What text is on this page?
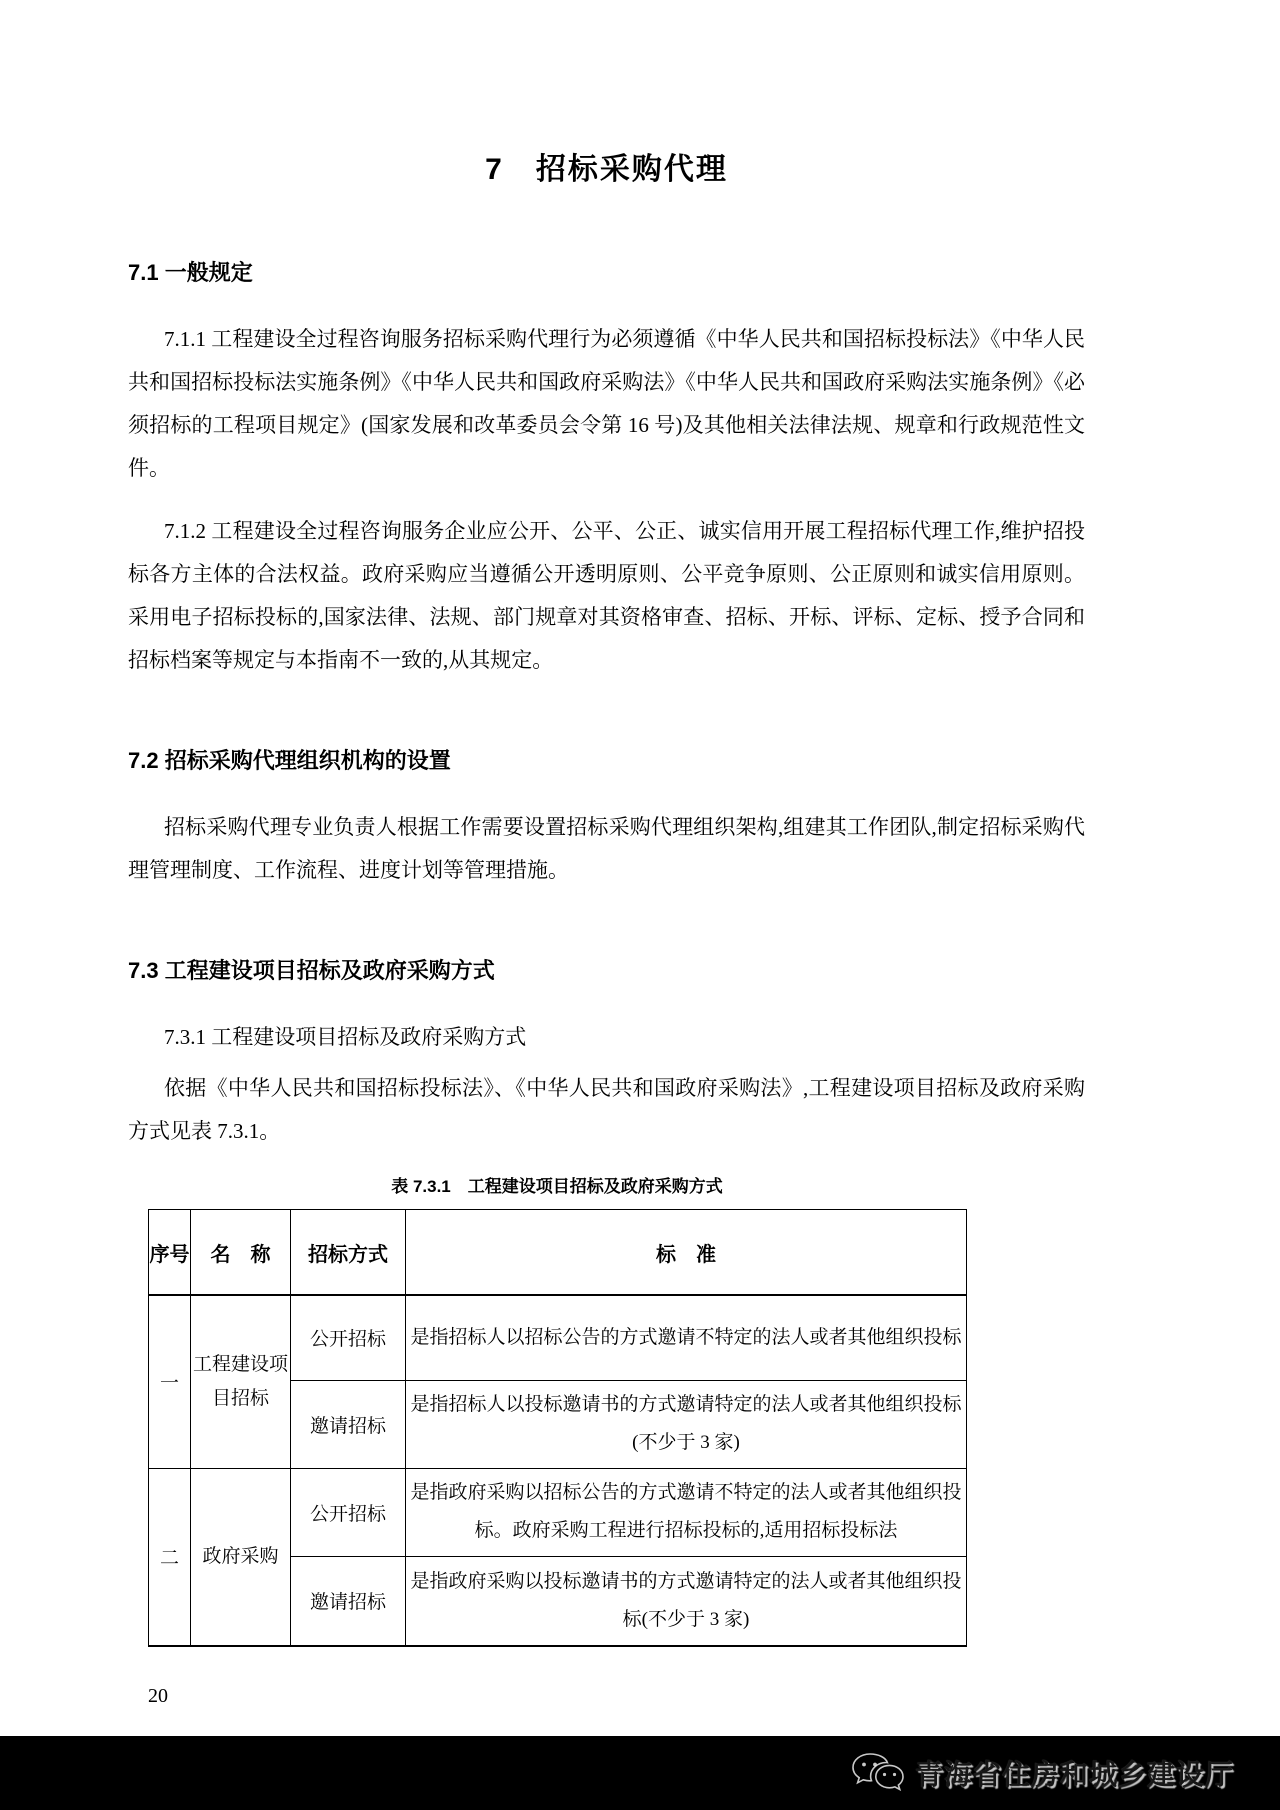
7　招标采购代理
7.1 一般规定

7.1.1 工程建设全过程咨询服务招标采购代理行为必须遵循《中华人民共和国招标投标法》《中华人民共和国招标投标法实施条例》《中华人民共和国政府采购法》《中华人民共和国政府采购法实施条例》《必须招标的工程项目规定》(国家发展和改革委员会令第 16 号)及其他相关法律法规、规章和行政规范性文件。

7.1.2 工程建设全过程咨询服务企业应公开、公平、公正、诚实信用开展工程招标代理工作,维护招投标各方主体的合法权益。政府采购应当遵循公开透明原则、公平竞争原则、公正原则和诚实信用原则。采用电子招标投标的,国家法律、法规、部门规章对其资格审查、招标、开标、评标、定标、授予合同和招标档案等规定与本指南不一致的,从其规定。

7.2 招标采购代理组织机构的设置

招标采购代理专业负责人根据工作需要设置招标采购代理组织架构,组建其工作团队,制定招标采购代理管理制度、工作流程、进度计划等管理措施。

7.3 工程建设项目招标及政府采购方式

7.3.1 工程建设项目招标及政府采购方式

依据《中华人民共和国招标投标法》、《中华人民共和国政府采购法》,工程建设项目招标及政府采购方式见表 7.3.1。

表 7.3.1　工程建设项目招标及政府采购方式
序号	名　称	招标方式	标　准
一	工程建设项目招标	公开招标	是指招标人以招标公告的方式邀请不特定的法人或者其他组织投标
		邀请招标	是指招标人以投标邀请书的方式邀请特定的法人或者其他组织投标(不少于 3 家)
二	政府采购	公开招标	是指政府采购以招标公告的方式邀请不特定的法人或者其他组织投标。政府采购工程进行招标投标的,适用招标投标法
		邀请招标	是指政府采购以投标邀请书的方式邀请特定的法人或者其他组织投标(不少于 3 家)
20
青海省住房和城乡建设厅
